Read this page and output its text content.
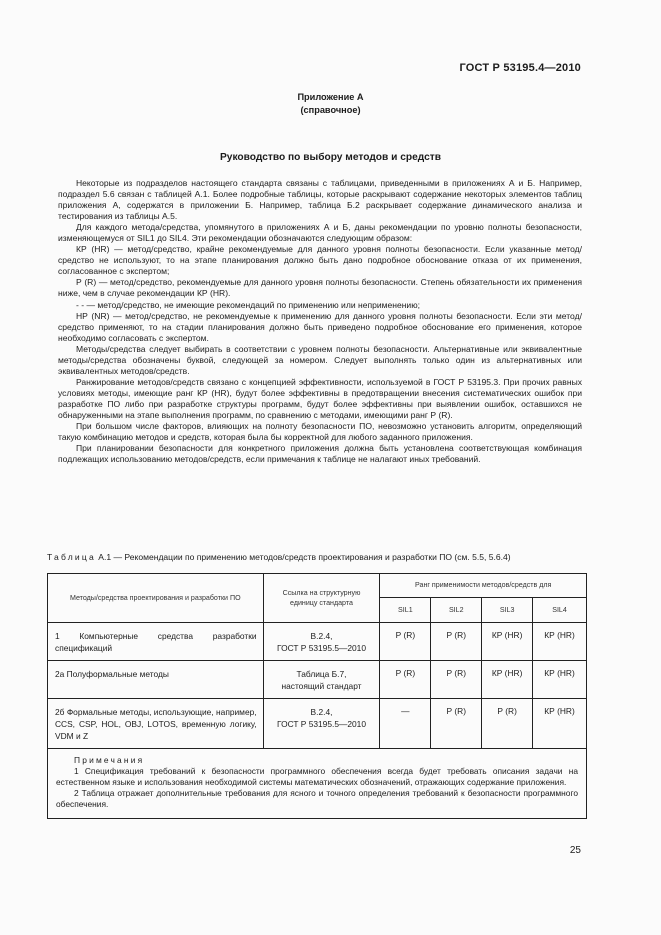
ГОСТ Р 53195.4—2010
Приложение А
(справочное)
Руководство по выбору методов и средств

Некоторые из подразделов настоящего стандарта связаны с таблицами, приведенными в приложениях А и Б. Например, подраздел 5.6 связан с таблицей А.1. Более подробные таблицы, которые раскрывают содержание некоторых элементов таблиц приложения А, содержатся в приложении Б. Например, таблица Б.2 раскрывает содержание динамического анализа и тестирования из таблицы А.5.

Для каждого метода/средства, упомянутого в приложениях А и Б, даны рекомендации по уровню полноты безопасности, изменяющемуся от SIL1 до SIL4. Эти рекомендации обозначаются следующим образом:

КР (HR) — метод/средство, крайне рекомендуемые для данного уровня полноты безопасности. Если указанные метод/средство не используют, то на этапе планирования должно быть дано подробное обоснование отказа от их применения, согласованное с экспертом;

Р (R) — метод/средство, рекомендуемые для данного уровня полноты безопасности. Степень обязательности их применения ниже, чем в случае рекомендации КР (HR).

- - — метод/средство, не имеющие рекомендаций по применению или неприменению;

НР (NR) — метод/средство, не рекомендуемые к применению для данного уровня полноты безопасности. Если эти метод/средство применяют, то на стадии планирования должно быть приведено подробное обоснование его применения, которое необходимо согласовать с экспертом.

Методы/средства следует выбирать в соответствии с уровнем полноты безопасности. Альтернативные или эквивалентные методы/средства обозначены буквой, следующей за номером. Следует выполнять только один из альтернативных или эквивалентных методов/средств.

Ранжирование методов/средств связано с концепцией эффективности, используемой в ГОСТ Р 53195.3. При прочих равных условиях методы, имеющие ранг КР (HR), будут более эффективны в предотвращении внесения систематических ошибок при разработке ПО либо при разработке структуры программ, будут более эффективны при выявлении ошибок, оставшихся не обнаруженными на этапе выполнения программ, по сравнению с методами, имеющими ранг Р (R).

При большом числе факторов, влияющих на полноту безопасности ПО, невозможно установить алгоритм, определяющий такую комбинацию методов и средств, которая была бы корректной для любого заданного приложения.

При планировании безопасности для конкретного приложения должна быть установлена соответствующая комбинация подлежащих использованию методов/средств, если примечания к таблице не налагают иных требований.

Таблица А.1 — Рекомендации по применению методов/средств проектирования и разработки ПО (см. 5.5, 5.6.4)
Методы/средства проектирования и разработки ПО	Ссылка на структурную единицу стандарта	Ранг применимости методов/средств для			
		SIL1	SIL2	SIL3	SIL4
1 Компьютерные средства разработки спецификаций	В.2.4,
ГОСТ Р 53195.5—2010	Р (R)	Р (R)	КР (HR)	КР (HR)
2а Полуформальные методы	Таблица Б.7,
настоящий стандарт	Р (R)	Р (R)	КР (HR)	КР (HR)
2б Формальные методы, использующие, например, CCS, CSP, HOL, OBJ, LOTOS, временную логику, VDM и Z	В.2.4,
ГОСТ Р 53195.5—2010	—	Р (R)	Р (R)	КР (HR)

Примечания

1 Спецификация требований к безопасности программного обеспечения всегда будет требовать описания задачи на естественном языке и использования необходимой системы математических обозначений, отражающих содержание приложения.

2 Таблица отражает дополнительные требования для ясного и точного определения требований к безопасности программного обеспечения.					

25
